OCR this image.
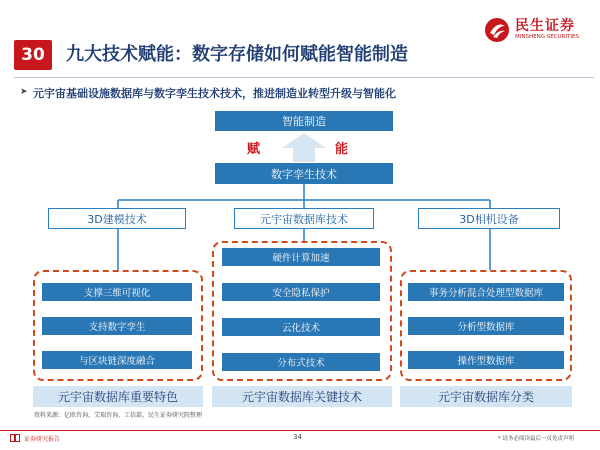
30	九大技术赋能：数字存储如何赋能智能制造
民生证券
MINSHENG SECURITIES
➤ 元宇宙基础设施数据库与数字孪生技术技术，推进制造业转型升级与智能化
智能制造
赋	能
数字孪生技术
3D建模技术	元宇宙数据库技术	3D相机设备
支撑三维可视化
支持数字孪生
与区块链深度融合
元宇宙数据库重要特色
硬件计算加速
安全隐私保护
云化技术
分布式技术
元宇宙数据库关键技术
事务分析混合处理型数据库
分析型数据库
操作型数据库
元宇宙数据库分类
资料来源：亿欧咨询，艾瑞咨询，工信部，民生证券研究院整理
证券研究报告	34	* 请务必阅读最后一页免责声明
